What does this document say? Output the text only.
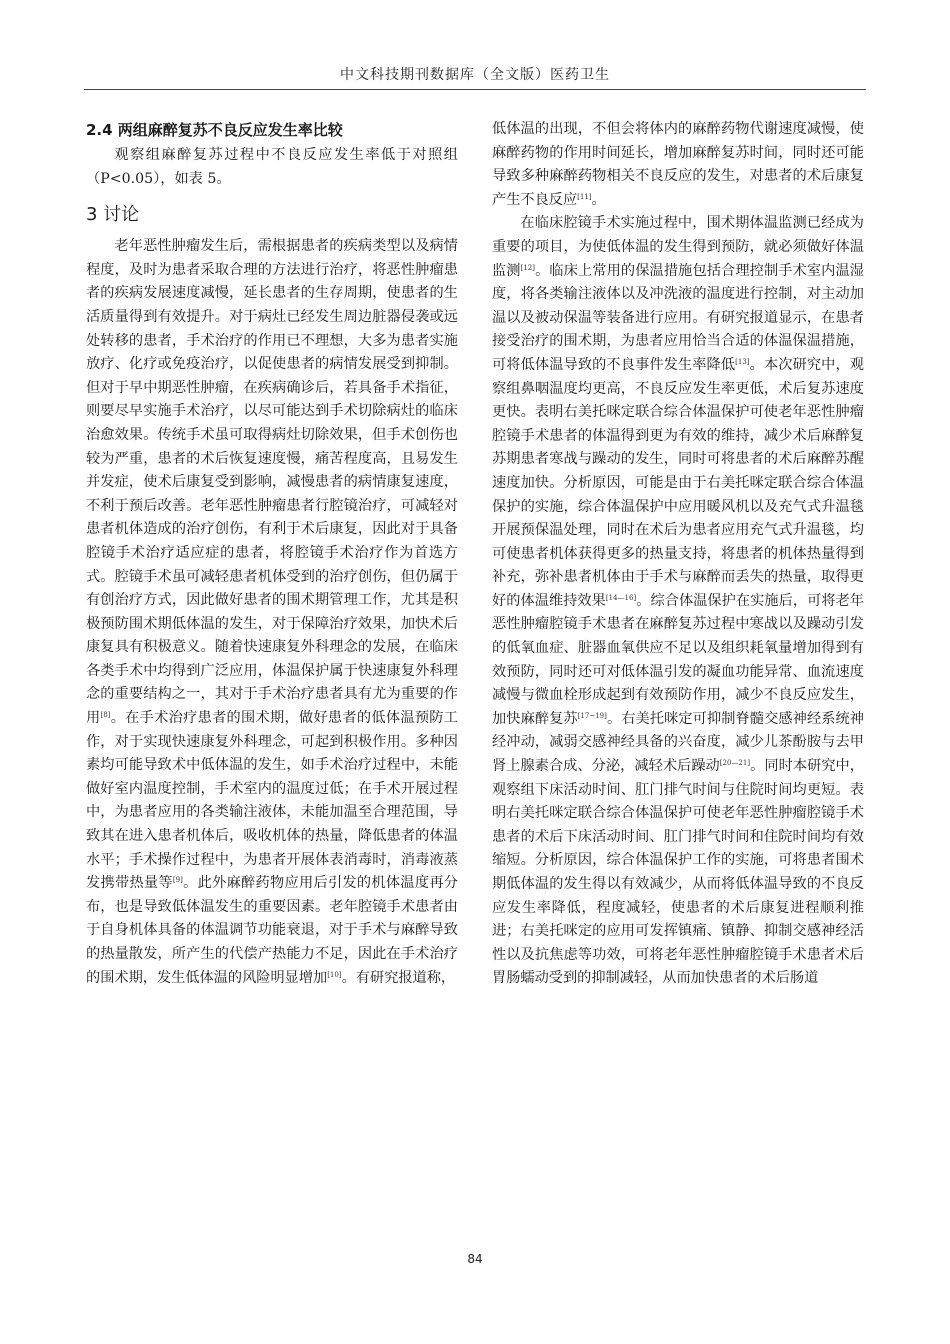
中文科技期刊数据库（全文版）医药卫生
2.4 两组麻醉复苏不良反应发生率比较

观察组麻醉复苏过程中不良反应发生率低于对照组（P<0.05），如表 5。

3 讨论

老年恶性肿瘤发生后，需根据患者的疾病类型以及病情程度，及时为患者采取合理的方法进行治疗，将恶性肿瘤患者的疾病发展速度减慢，延长患者的生存周期，使患者的生活质量得到有效提升。对于病灶已经发生周边脏器侵袭或远处转移的患者，手术治疗的作用已不理想，大多为患者实施放疗、化疗或免疫治疗，以促使患者的病情发展受到抑制。但对于早中期恶性肿瘤，在疾病确诊后，若具备手术指征，则要尽早实施手术治疗，以尽可能达到手术切除病灶的临床治愈效果。传统手术虽可取得病灶切除效果，但手术创伤也较为严重，患者的术后恢复速度慢，痛苦程度高，且易发生并发症，使术后康复受到影响，减慢患者的病情康复速度，不利于预后改善。老年恶性肿瘤患者行腔镜治疗，可减轻对患者机体造成的治疗创伤，有利于术后康复，因此对于具备腔镜手术治疗适应症的患者，将腔镜手术治疗作为首选方式。腔镜手术虽可减轻患者机体受到的治疗创伤，但仍属于有创治疗方式，因此做好患者的围术期管理工作，尤其是积极预防围术期低体温的发生，对于保障治疗效果，加快术后康复具有积极意义。随着快速康复外科理念的发展，在临床各类手术中均得到广泛应用，体温保护属于快速康复外科理念的重要结构之一，其对于手术治疗患者具有尤为重要的作用[8]。在手术治疗患者的围术期，做好患者的低体温预防工作，对于实现快速康复外科理念，可起到积极作用。多种因素均可能导致术中低体温的发生，如手术治疗过程中，未能做好室内温度控制，手术室内的温度过低；在手术开展过程中，为患者应用的各类输注液体，未能加温至合理范围，导致其在进入患者机体后，吸收机体的热量，降低患者的体温水平；手术操作过程中，为患者开展体表消毒时，消毒液蒸发携带热量等[9]。此外麻醉药物应用后引发的机体温度再分布，也是导致低体温发生的重要因素。老年腔镜手术患者由于自身机体具备的体温调节功能衰退，对于手术与麻醉导致的热量散发，所产生的代偿产热能力不足，因此在手术治疗的围术期，发生低体温的风险明显增加[10]。有研究报道称，

低体温的出现，不但会将体内的麻醉药物代谢速度减慢，使麻醉药物的作用时间延长，增加麻醉复苏时间，同时还可能导致多种麻醉药物相关不良反应的发生，对患者的术后康复产生不良反应[11]。

在临床腔镜手术实施过程中，围术期体温监测已经成为重要的项目，为使低体温的发生得到预防，就必须做好体温监测[12]。临床上常用的保温措施包括合理控制手术室内温湿度，将各类输注液体以及冲洗液的温度进行控制，对主动加温以及被动保温等装备进行应用。有研究报道显示，在患者接受治疗的围术期，为患者应用恰当合适的体温保温措施，可将低体温导致的不良事件发生率降低[13]。本次研究中，观察组鼻咽温度均更高，不良反应发生率更低，术后复苏速度更快。表明右美托咪定联合综合体温保护可使老年恶性肿瘤腔镜手术患者的体温得到更为有效的维持，减少术后麻醉复苏期患者寒战与躁动的发生，同时可将患者的术后麻醉苏醒速度加快。分析原因，可能是由于右美托咪定联合综合体温保护的实施，综合体温保护中应用暖风机以及充气式升温毯开展预保温处理，同时在术后为患者应用充气式升温毯，均可使患者机体获得更多的热量支持，将患者的机体热量得到补充，弥补患者机体由于手术与麻醉而丢失的热量，取得更好的体温维持效果[14—16]。综合体温保护在实施后，可将老年恶性肿瘤腔镜手术患者在麻醉复苏过程中寒战以及躁动引发的低氧血症、脏器血氧供应不足以及组织耗氧量增加得到有效预防，同时还可对低体温引发的凝血功能异常、血流速度减慢与微血栓形成起到有效预防作用，减少不良反应发生，加快麻醉复苏[17~19]。右美托咪定可抑制脊髓交感神经系统神经冲动，减弱交感神经具备的兴奋度，减少儿茶酚胺与去甲肾上腺素合成、分泌，减轻术后躁动[20—21]。同时本研究中，观察组下床活动时间、肛门排气时间与住院时间均更短。表明右美托咪定联合综合体温保护可使老年恶性肿瘤腔镜手术患者的术后下床活动时间、肛门排气时间和住院时间均有效缩短。分析原因，综合体温保护工作的实施，可将患者围术期低体温的发生得以有效减少，从而将低体温导致的不良反应发生率降低，程度减轻，使患者的术后康复进程顺利推进；右美托咪定的应用可发挥镇痛、镇静、抑制交感神经活性以及抗焦虑等功效，可将老年恶性肿瘤腔镜手术患者术后胃肠蠕动受到的抑制减轻，从而加快患者的术后肠道

84
